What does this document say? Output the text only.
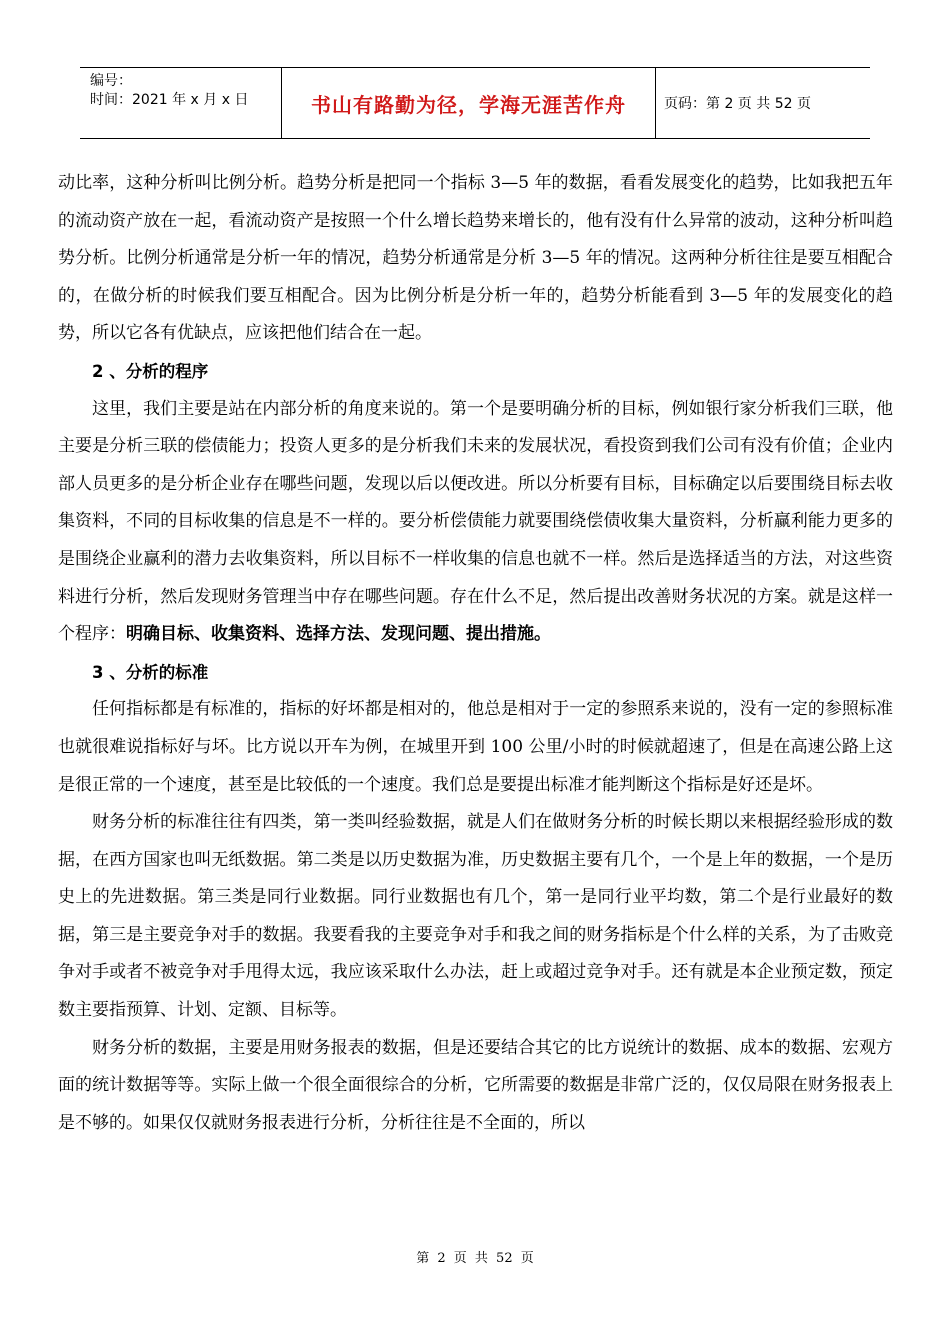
编号：
时间：2021 年 x 月 x 日	书山有路勤为径，学海无涯苦作舟	页码：第 2 页 共 52 页

动比率，这种分析叫比例分析。趋势分析是把同一个指标 3—5 年的数据，看看发展变化的趋势，比如我把五年的流动资产放在一起，看流动资产是按照一个什么增长趋势来增长的，他有没有什么异常的波动，这种分析叫趋势分析。比例分析通常是分析一年的情况，趋势分析通常是分析 3—5 年的情况。这两种分析往往是要互相配合的，在做分析的时候我们要互相配合。因为比例分析是分析一年的，趋势分析能看到 3—5 年的发展变化的趋势，所以它各有优缺点，应该把他们结合在一起。

2 、分析的程序

这里，我们主要是站在内部分析的角度来说的。第一个是要明确分析的目标，例如银行家分析我们三联，他主要是分析三联的偿债能力；投资人更多的是分析我们未来的发展状况，看投资到我们公司有没有价值；企业内部人员更多的是分析企业存在哪些问题，发现以后以便改进。所以分析要有目标，目标确定以后要围绕目标去收集资料，不同的目标收集的信息是不一样的。要分析偿债能力就要围绕偿债收集大量资料，分析赢利能力更多的是围绕企业赢利的潜力去收集资料，所以目标不一样收集的信息也就不一样。然后是选择适当的方法，对这些资料进行分析，然后发现财务管理当中存在哪些问题。存在什么不足，然后提出改善财务状况的方案。就是这样一个程序：明确目标、收集资料、选择方法、发现问题、提出措施。

3 、分析的标准

任何指标都是有标准的，指标的好坏都是相对的，他总是相对于一定的参照系来说的，没有一定的参照标准也就很难说指标好与坏。比方说以开车为例，在城里开到 100 公里/小时的时候就超速了，但是在高速公路上这是很正常的一个速度，甚至是比较低的一个速度。我们总是要提出标准才能判断这个指标是好还是坏。

财务分析的标准往往有四类，第一类叫经验数据，就是人们在做财务分析的时候长期以来根据经验形成的数据，在西方国家也叫无纸数据。第二类是以历史数据为准，历史数据主要有几个，一个是上年的数据，一个是历史上的先进数据。第三类是同行业数据。同行业数据也有几个，第一是同行业平均数，第二个是行业最好的数据，第三是主要竞争对手的数据。我要看我的主要竞争对手和我之间的财务指标是个什么样的关系，为了击败竞争对手或者不被竞争对手甩得太远，我应该采取什么办法，赶上或超过竞争对手。还有就是本企业预定数，预定数主要指预算、计划、定额、目标等。

财务分析的数据，主要是用财务报表的数据，但是还要结合其它的比方说统计的数据、成本的数据、宏观方面的统计数据等等。实际上做一个很全面很综合的分析，它所需要的数据是非常广泛的，仅仅局限在财务报表上是不够的。如果仅仅就财务报表进行分析，分析往往是不全面的，所以

第 2 页 共 52 页
